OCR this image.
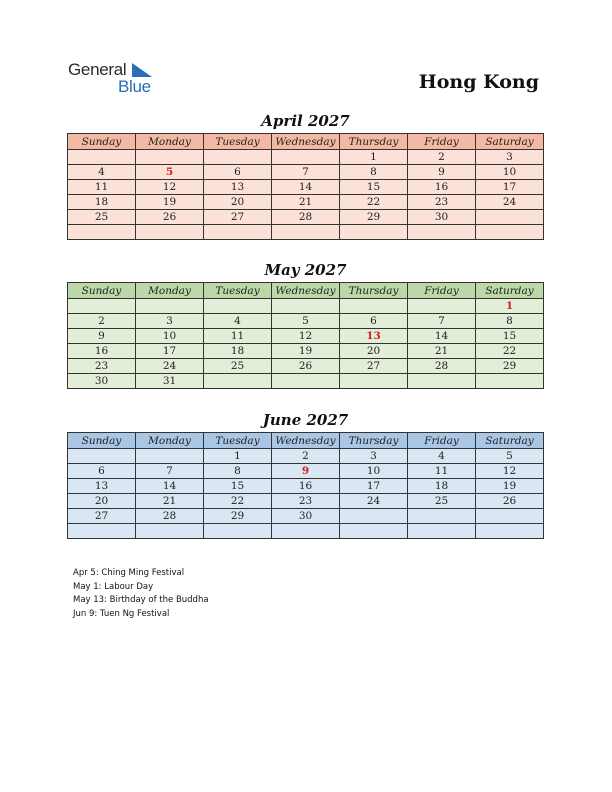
General
Blue	Hong Kong
April 2027
Sunday	Monday	Tuesday	Wednesday	Thursday	Friday	Saturday
				1	2	3
4	5	6	7	8	9	10
11	12	13	14	15	16	17
18	19	20	21	22	23	24
25	26	27	28	29	30	

May 2027
Sunday	Monday	Tuesday	Wednesday	Thursday	Friday	Saturday
						1
2	3	4	5	6	7	8
9	10	11	12	13	14	15
16	17	18	19	20	21	22
23	24	25	26	27	28	29
30	31					
June 2027
Sunday	Monday	Tuesday	Wednesday	Thursday	Friday	Saturday
		1	2	3	4	5
6	7	8	9	10	11	12
13	14	15	16	17	18	19
20	21	22	23	24	25	26
27	28	29	30			

Apr 5: Ching Ming Festival
May 1: Labour Day
May 13: Birthday of the Buddha
Jun 9: Tuen Ng Festival
